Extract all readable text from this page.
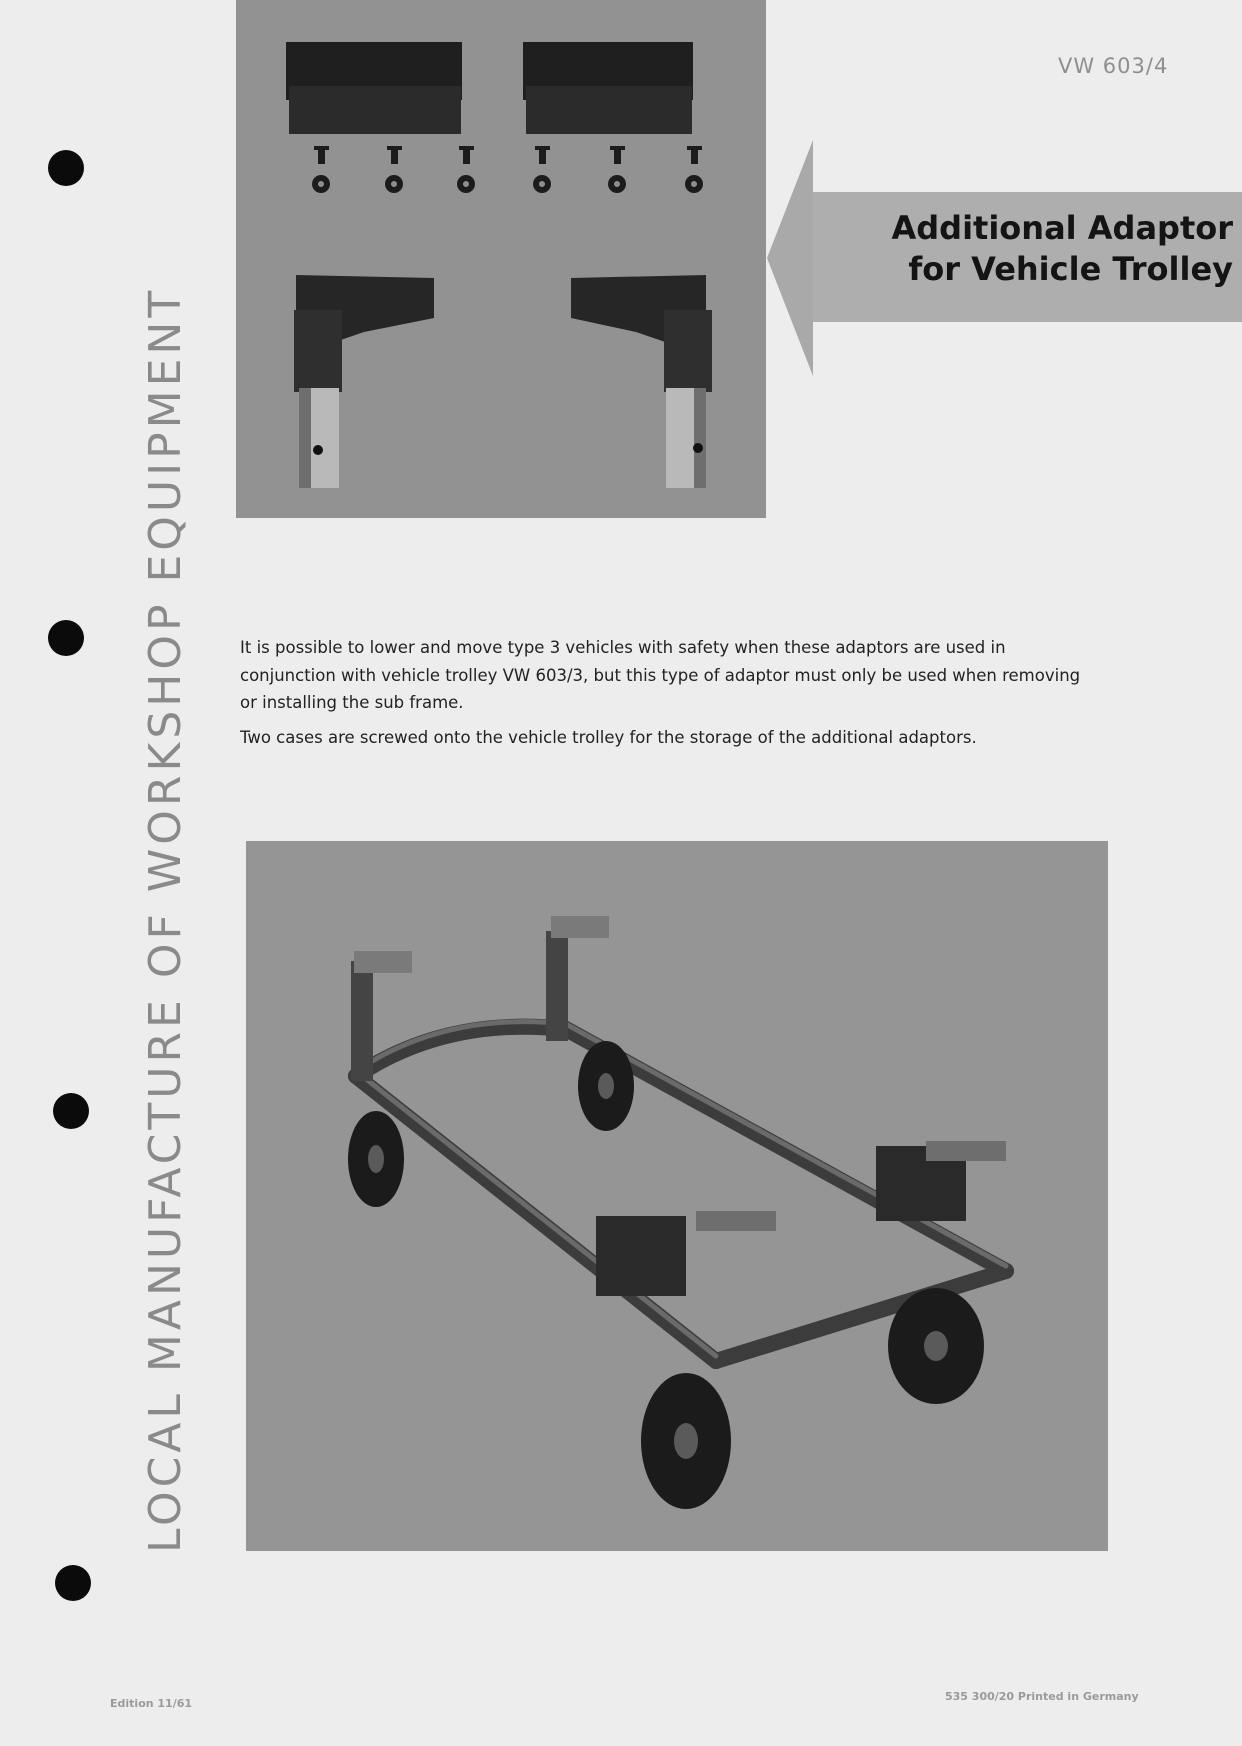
LOCAL MANUFACTURE OF WORKSHOP EQUIPMENT
VW 603/4
Additional Adaptor
for Vehicle Trolley

It is possible to lower and move type 3 vehicles with safety when these adaptors are used in conjunction with vehicle trolley VW 603/3, but this type of adaptor must only be used when removing or installing the sub frame.

Two cases are screwed onto the vehicle trolley for the storage of the additional adaptors.

Edition 11/61
535 300/20 Printed in Germany
